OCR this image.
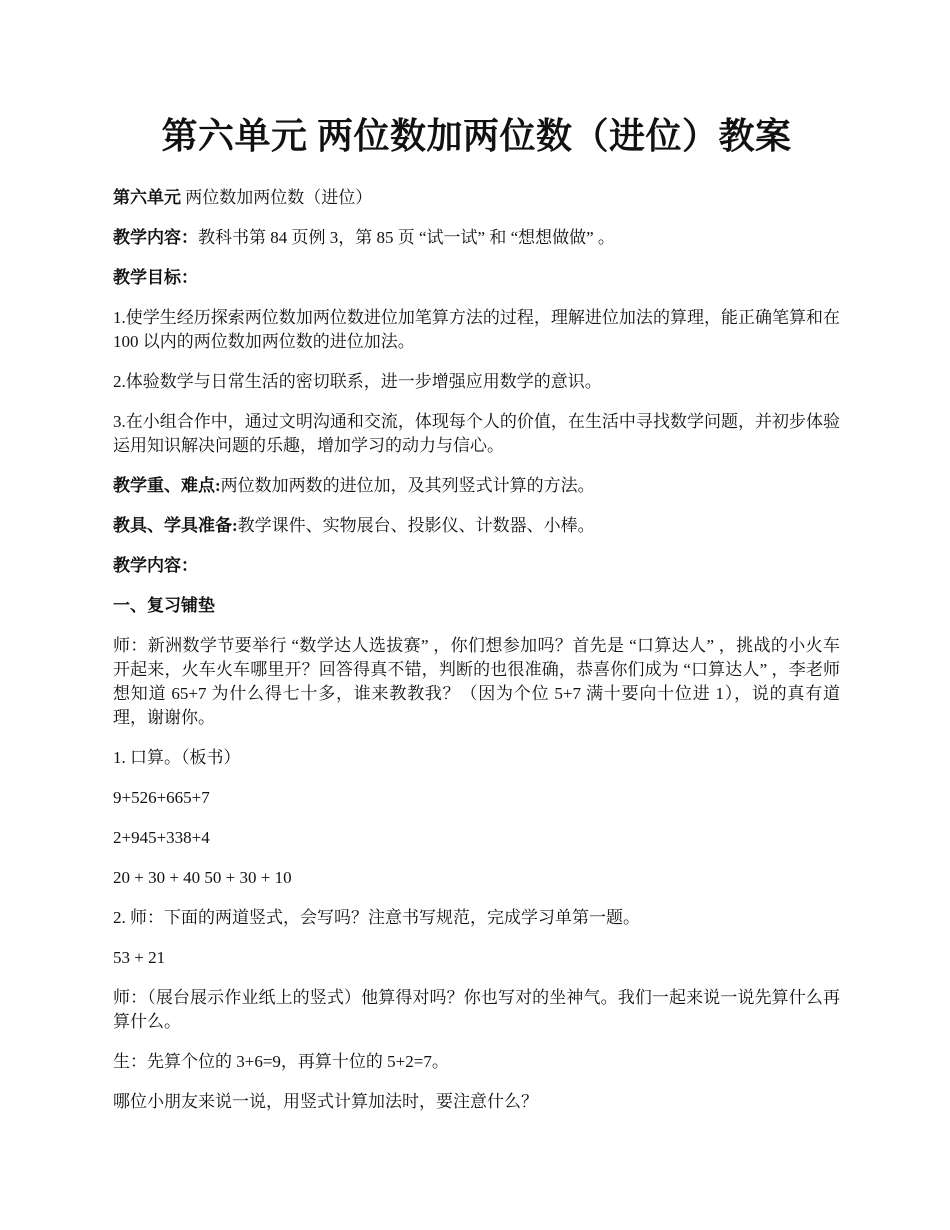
第六单元 两位数加两位数（进位）教案

第六单元 两位数加两位数（进位）

教学内容：教科书第 84 页例 3，第 85 页 “试一试” 和 “想想做做” 。

教学目标：

1.使学生经历探索两位数加两位数进位加笔算方法的过程，理解进位加法的算理，能正确笔算和在 100 以内的两位数加两位数的进位加法。

2.体验数学与日常生活的密切联系，进一步增强应用数学的意识。

3.在小组合作中，通过文明沟通和交流，体现每个人的价值，在生活中寻找数学问题，并初步体验运用知识解决问题的乐趣，增加学习的动力与信心。

教学重、难点:两位数加两数的进位加，及其列竖式计算的方法。

教具、学具准备:教学课件、实物展台、投影仪、计数器、小棒。

教学内容：

一、复习铺垫

师：新洲数学节要举行 “数学达人选拔赛” ，你们想参加吗？首先是 “口算达人” ，挑战的小火车开起来，火车火车哪里开？回答得真不错，判断的也很准确，恭喜你们成为 “口算达人” ，李老师想知道 65+7 为什么得七十多，谁来教教我？（因为个位 5+7 满十要向十位进 1），说的真有道理，谢谢你。

1. 口算。（板书）

9+526+665+7

2+945+338+4

20 + 30 + 40 50 + 30 + 10

2. 师：下面的两道竖式，会写吗？注意书写规范，完成学习单第一题。

53 + 21

师：（展台展示作业纸上的竖式）他算得对吗？你也写对的坐神气。我们一起来说一说先算什么再算什么。

生：先算个位的 3+6=9，再算十位的 5+2=7。

哪位小朋友来说一说，用竖式计算加法时，要注意什么？
